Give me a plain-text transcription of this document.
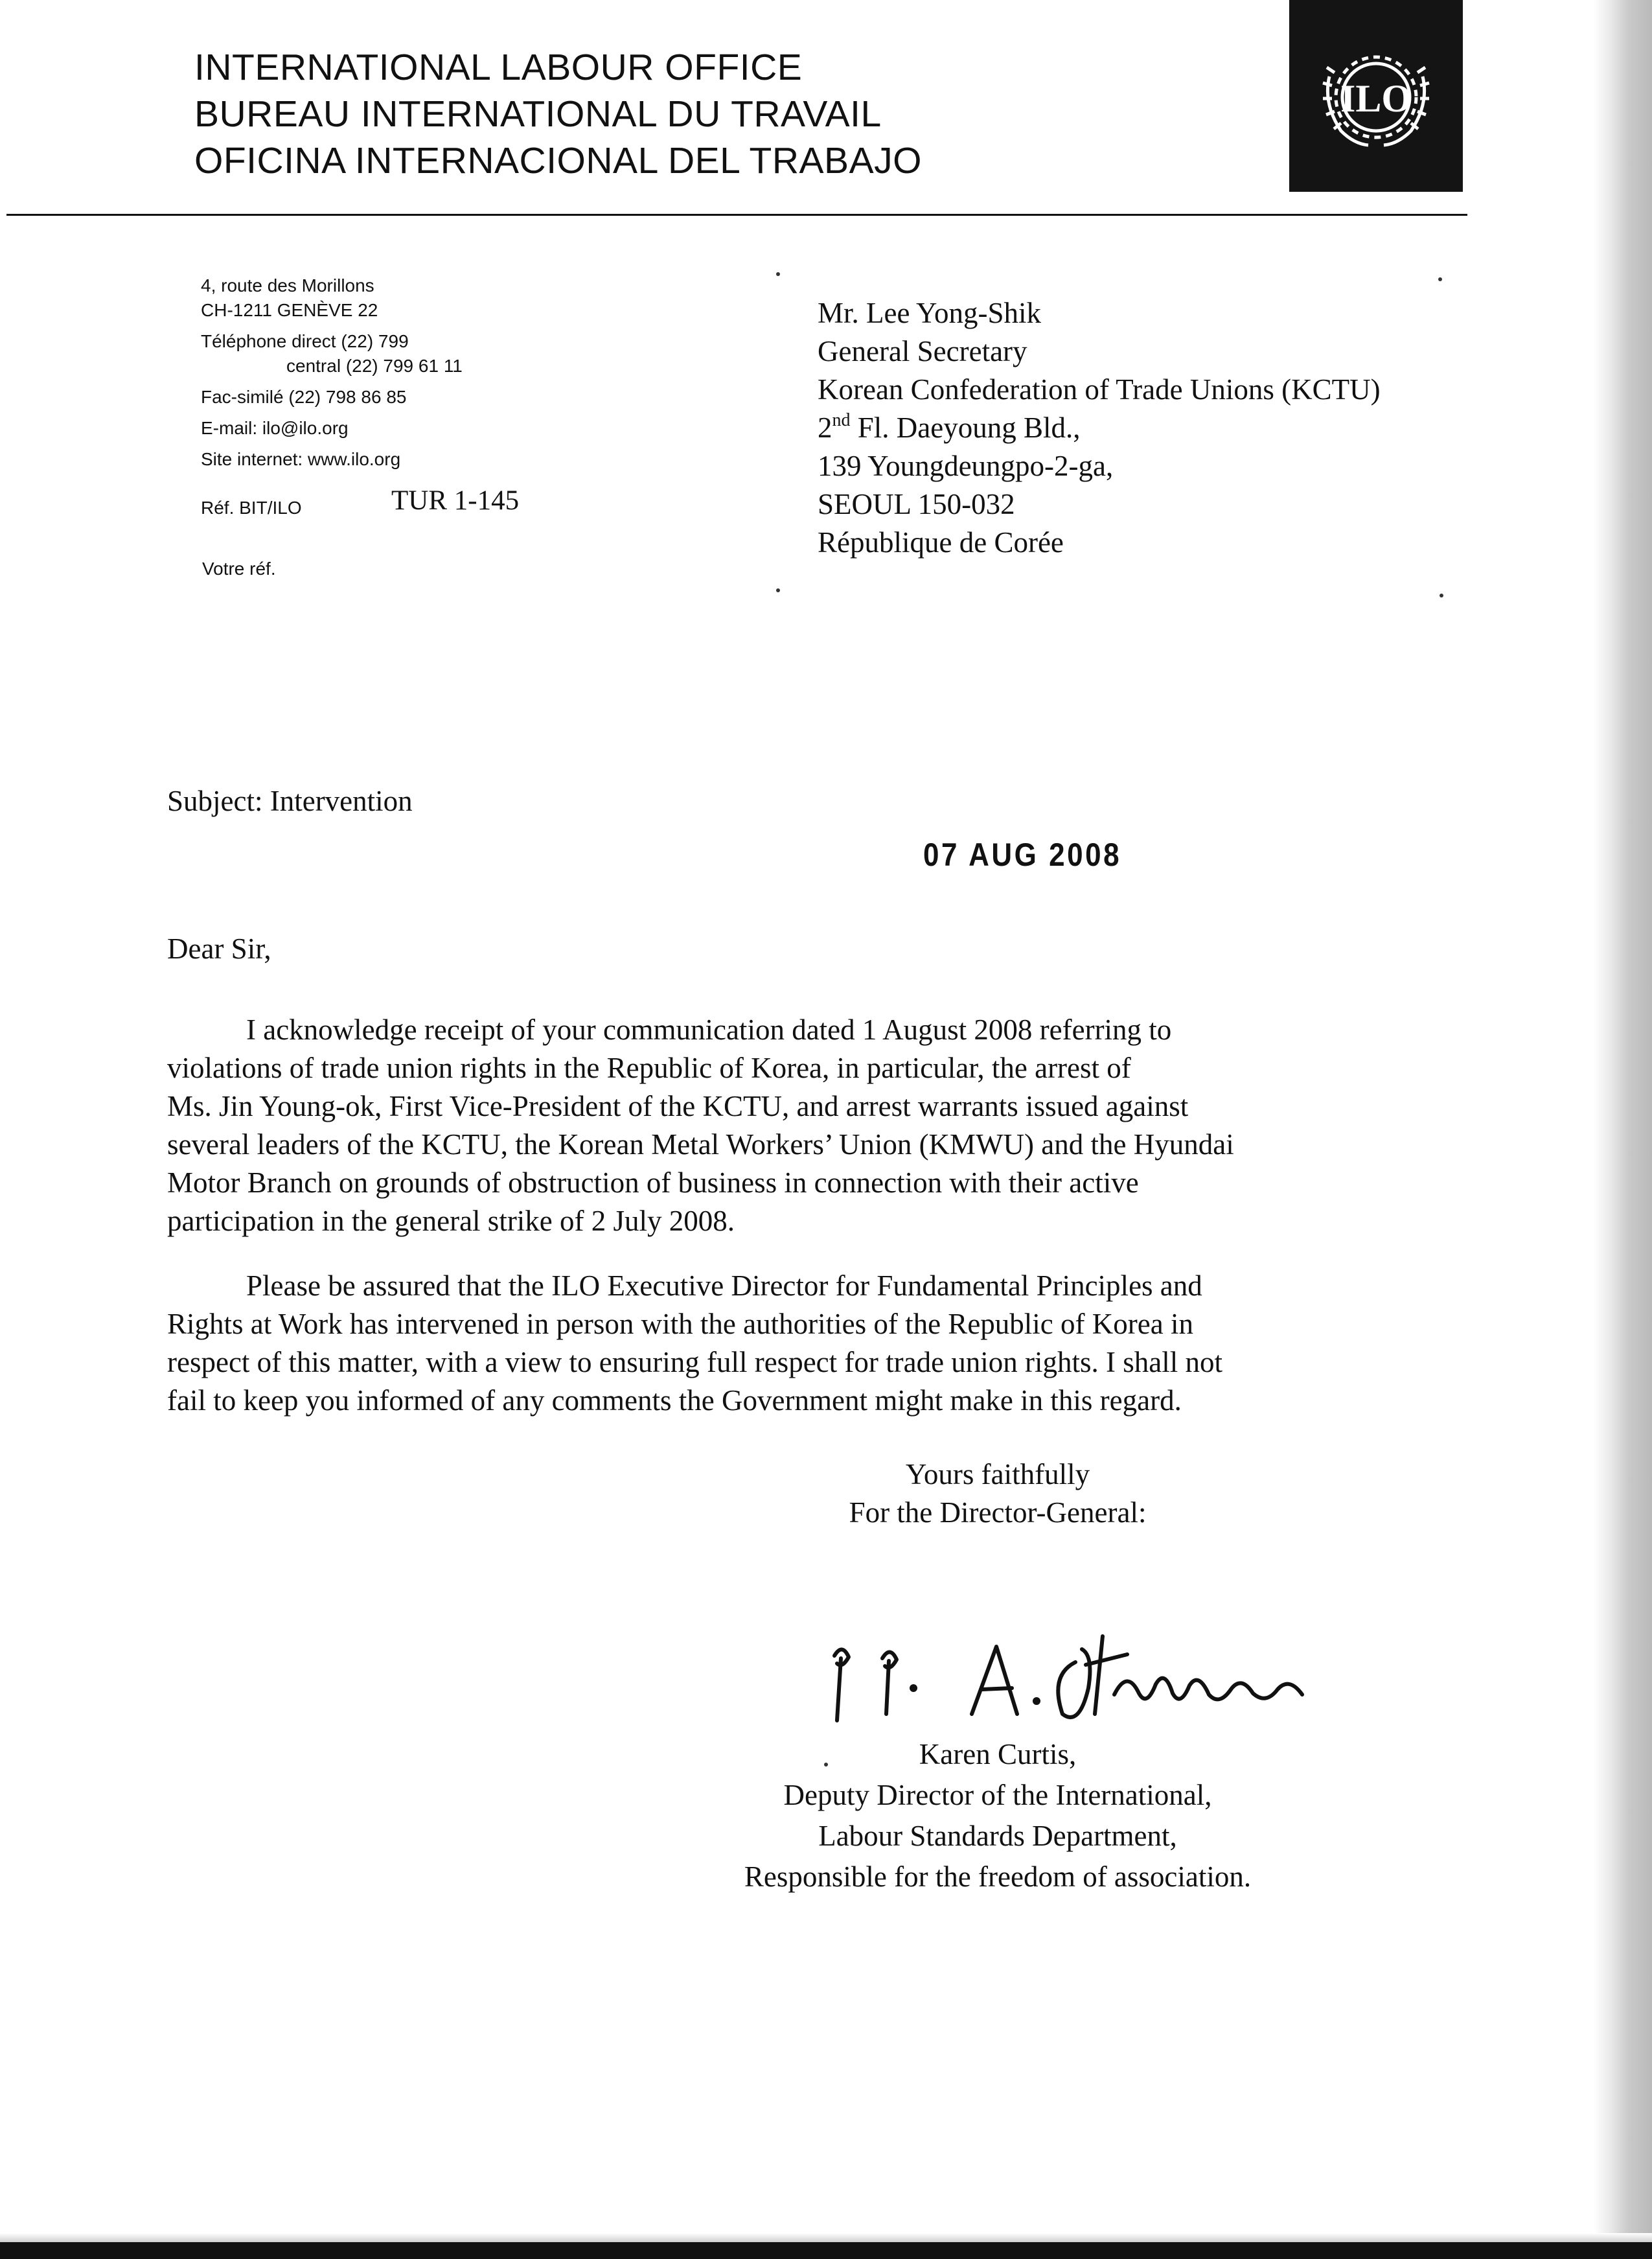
INTERNATIONAL LABOUR OFFICE
BUREAU INTERNATIONAL DU TRAVAIL
OFICINA INTERNACIONAL DEL TRABAJO
ILO
4, route des Morillons
CH-1211 GENÈVE 22
Téléphone direct (22) 799
central (22) 799 61 11
Fac-similé (22) 798 86 85
E-mail: ilo@ilo.org
Site internet: www.ilo.org
Réf. BIT/ILO	TUR 1-145
Votre réf.
Mr. Lee Yong-Shik
General Secretary
Korean Confederation of Trade Unions (KCTU)
2nd Fl. Daeyoung Bld.,
139 Youngdeungpo-2-ga,
SEOUL 150-032
République de Corée
Subject: Intervention
07 AUG 2008
Dear Sir,
I acknowledge receipt of your communication dated 1 August 2008 referring to
violations of trade union rights in the Republic of Korea, in particular, the arrest of
Ms. Jin Young-ok, First Vice-President of the KCTU, and arrest warrants issued against
several leaders of the KCTU, the Korean Metal Workers’ Union (KMWU) and the Hyundai
Motor Branch on grounds of obstruction of business in connection with their active
participation in the general strike of 2 July 2008.
Please be assured that the ILO Executive Director for Fundamental Principles and
Rights at Work has intervened in person with the authorities of the Republic of Korea in
respect of this matter, with a view to ensuring full respect for trade union rights. I shall not
fail to keep you informed of any comments the Government might make in this regard.
Yours faithfully
For the Director-General:
Karen Curtis,
Deputy Director of the International,
Labour Standards Department,
Responsible for the freedom of association.
